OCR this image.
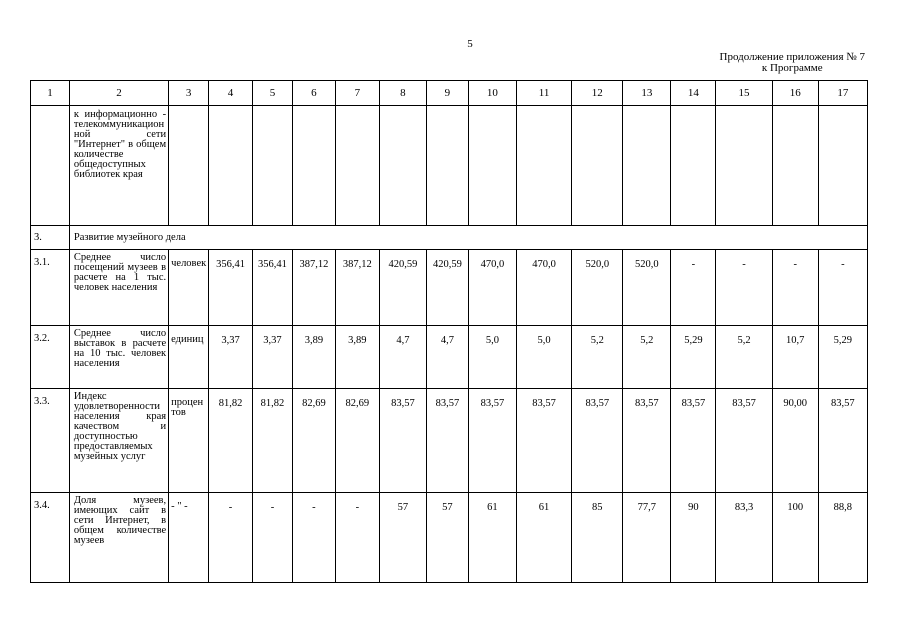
5
Продолжение приложения № 7
к Программе
1	2	3	4	5	6	7	8	9	10	11	12	13	14	15	16	17
	к информационно - телекоммуникационной сети "Интернет" в общем количестве общедоступных библиотек края															
3.	Развитие музейного дела															
3.1.	Среднее число посещений музеев в расчете на 1 тыс. человек населения	человек	356,41	356,41	387,12	387,12	420,59	420,59	470,0	470,0	520,0	520,0	-	-	-	-
3.2.	Среднее число выставок в расчете на 10 тыс. человек населения	единиц	3,37	3,37	3,89	3,89	4,7	4,7	5,0	5,0	5,2	5,2	5,29	5,2	10,7	5,29
3.3.	Индекс удовлетворенности населения края качеством и доступностью предоставляемых музейных услуг	процентов	81,82	81,82	82,69	82,69	83,57	83,57	83,57	83,57	83,57	83,57	83,57	83,57	90,00	83,57
3.4.	Доля музеев, имеющих сайт в сети Интернет, в общем количестве музеев	- " -	-	-	-	-	57	57	61	61	85	77,7	90	83,3	100	88,8
